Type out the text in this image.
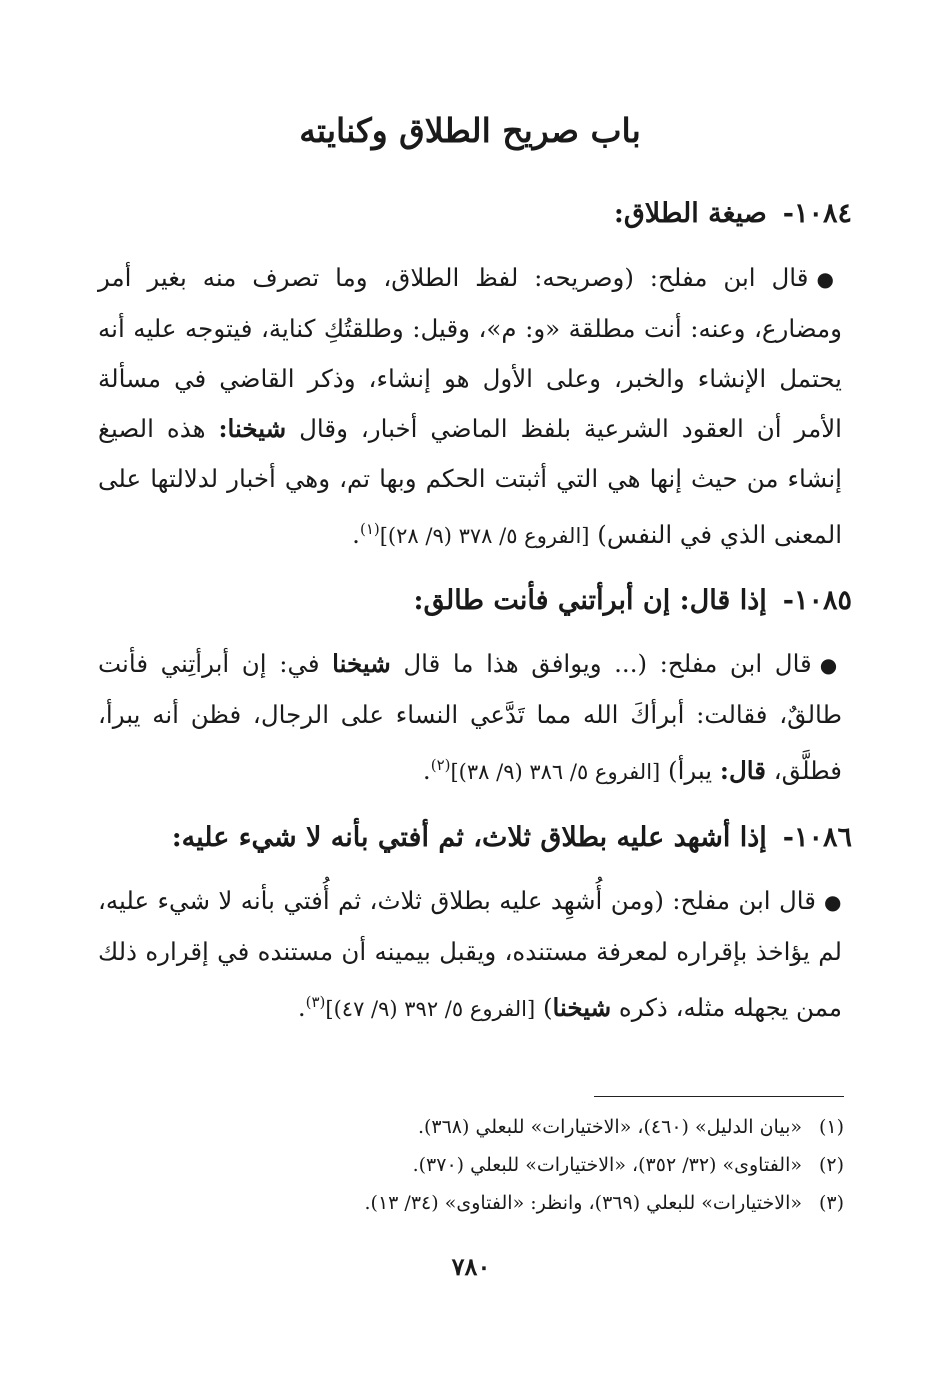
باب صريح الطلاق وكنايته
١٠٨٤-صيغة الطلاق:

●قال ابن مفلح: (وصريحه: لفظ الطلاق، وما تصرف منه بغير أمر ومضارع، وعنه: أنت مطلقة «و: م»، وقيل: وطلقتُكِ كناية، فيتوجه عليه أنه يحتمل الإنشاء والخبر، وعلى الأول هو إنشاء، وذكر القاضي في مسألة الأمر أن العقود الشرعية بلفظ الماضي أخبار، وقال شيخنا: هذه الصيغ إنشاء من حيث إنها هي التي أثبتت الحكم وبها تم، وهي أخبار لدلالتها على المعنى الذي في النفس) [الفروع ٥/ ٣٧٨ (٩/ ٢٨)]$^{(١)}$.

١٠٨٥-إذا قال: إن أبرأتني فأنت طالق:

●قال ابن مفلح: (... ويوافق هذا ما قال شيخنا في: إن أبرأتِني فأنت طالقٌ، فقالت: أبرأكَ الله مما تَدَّعي النساء على الرجال، فظن أنه يبرأ، فطلَّق، قال: يبرأ) [الفروع ٥/ ٣٨٦ (٩/ ٣٨)]$^{(٢)}$.

١٠٨٦-إذا أشهد عليه بطلاق ثلاث، ثم أفتي بأنه لا شيء عليه:

●قال ابن مفلح: (ومن أُشهِد عليه بطلاق ثلاث، ثم أُفتي بأنه لا شيء عليه، لم يؤاخذ بإقراره لمعرفة مستنده، ويقبل بيمينه أن مستنده في إقراره ذلك ممن يجهله مثله، ذكره شيخنا) [الفروع ٥/ ٣٩٢ (٩/ ٤٧)]$^{(٣)}$.

(١)
«بيان الدليل» (٤٦٠)، «الاختيارات» للبعلي (٣٦٨).
(٢)
«الفتاوى» (٣٢/ ٣٥٢)، «الاختيارات» للبعلي (٣٧٠).
(٣)
«الاختيارات» للبعلي (٣٦٩)، وانظر: «الفتاوى» (٣٤/ ١٣).
٧٨٠
